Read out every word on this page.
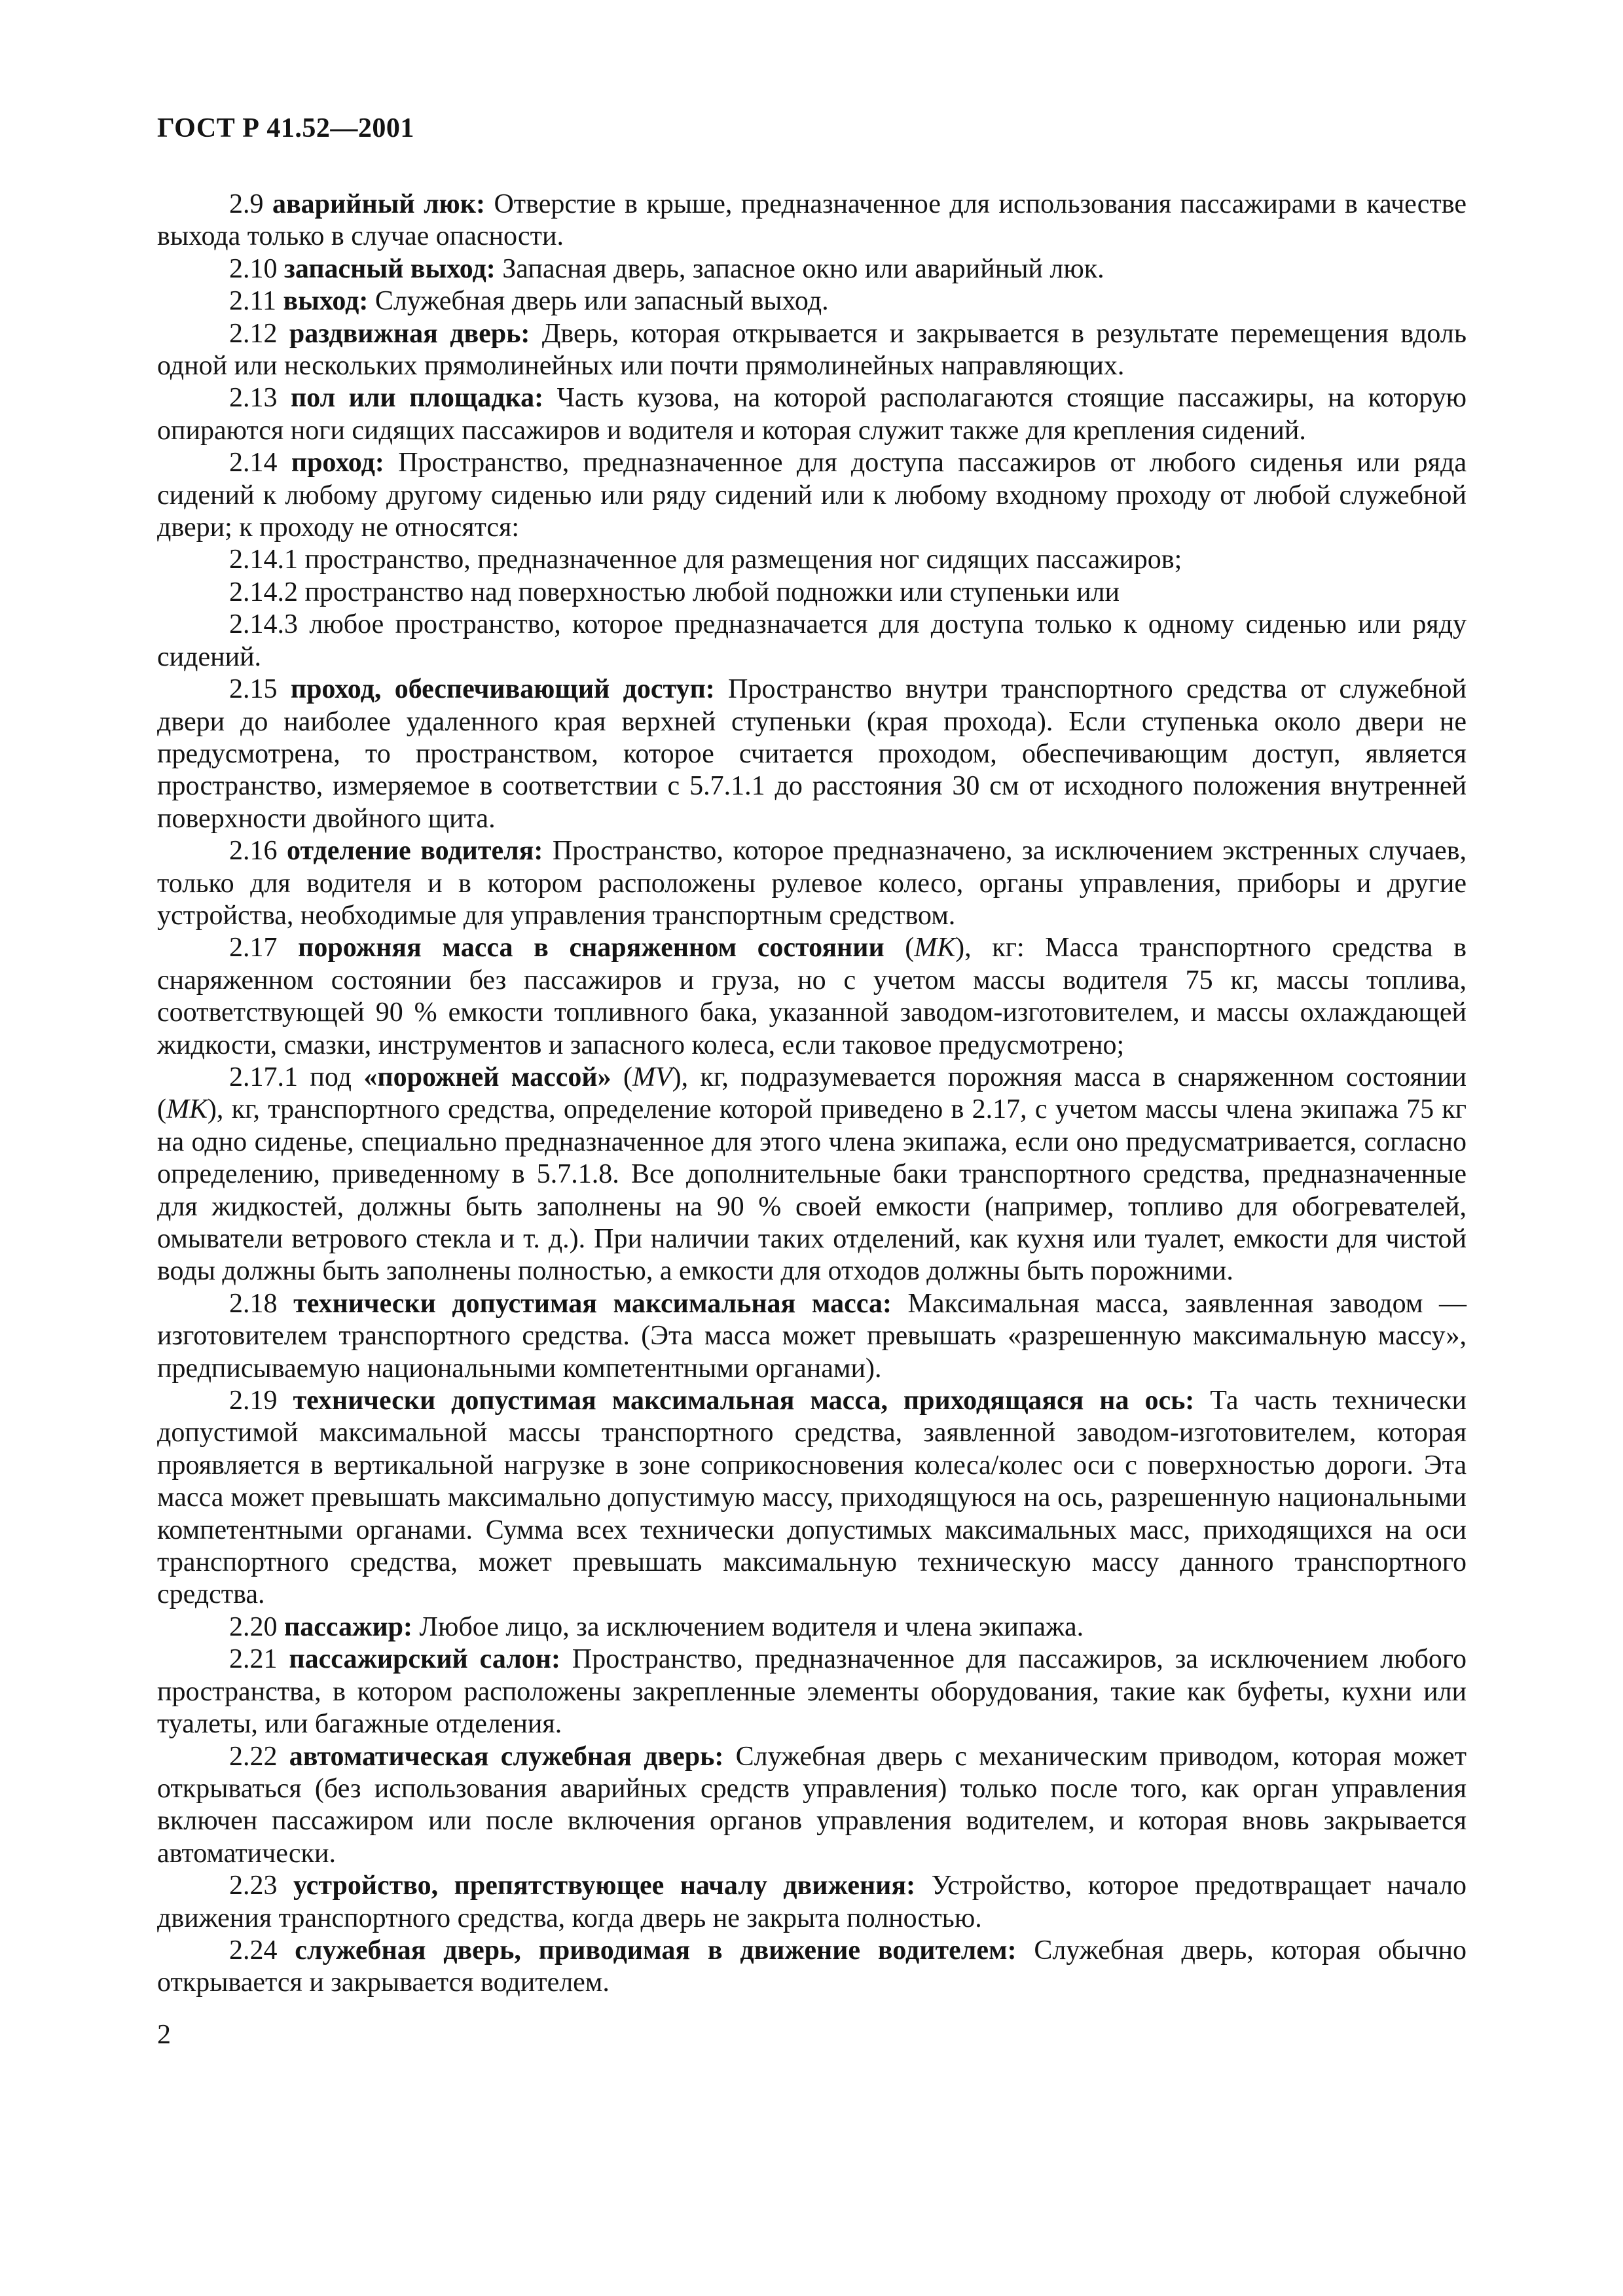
ГОСТ Р 41.52—2001

2.9 аварийный люк: Отверстие в крыше, предназначенное для использования пассажирами в качестве выхода только в случае опасности.

2.10 запасный выход: Запасная дверь, запасное окно или аварийный люк.

2.11 выход: Служебная дверь или запасный выход.

2.12 раздвижная дверь: Дверь, которая открывается и закрывается в результате перемещения вдоль одной или нескольких прямолинейных или почти прямолинейных направляющих.

2.13 пол или площадка: Часть кузова, на которой располагаются стоящие пассажиры, на которую опираются ноги сидящих пассажиров и водителя и которая служит также для крепления сидений.

2.14 проход: Пространство, предназначенное для доступа пассажиров от любого сиденья или ряда сидений к любому другому сиденью или ряду сидений или к любому входному проходу от любой служебной двери; к проходу не относятся:

2.14.1 пространство, предназначенное для размещения ног сидящих пассажиров;

2.14.2 пространство над поверхностью любой подножки или ступеньки или

2.14.3 любое пространство, которое предназначается для доступа только к одному сиденью или ряду сидений.

2.15 проход, обеспечивающий доступ: Пространство внутри транспортного средства от служебной двери до наиболее удаленного края верхней ступеньки (края прохода). Если ступенька около двери не предусмотрена, то пространством, которое считается проходом, обеспечивающим доступ, является пространство, измеряемое в соответствии с 5.7.1.1 до расстояния 30 см от исходного положения внутренней поверхности двойного щита.

2.16 отделение водителя: Пространство, которое предназначено, за исключением экстренных случаев, только для водителя и в котором расположены рулевое колесо, органы управления, приборы и другие устройства, необходимые для управления транспортным средством.

2.17 порожняя масса в снаряженном состоянии (МК), кг: Масса транспортного средства в снаряженном состоянии без пассажиров и груза, но с учетом массы водителя 75 кг, массы топлива, соответствующей 90 % емкости топливного бака, указанной заводом-изготовителем, и массы охлаждающей жидкости, смазки, инструментов и запасного колеса, если таковое предусмотрено;

2.17.1 под «порожней массой» (MV), кг, подразумевается порожняя масса в снаряженном состоянии (МК), кг, транспортного средства, определение которой приведено в 2.17, с учетом массы члена экипажа 75 кг на одно сиденье, специально предназначенное для этого члена экипажа, если оно предусматривается, согласно определению, приведенному в 5.7.1.8. Все дополнительные баки транспортного средства, предназначенные для жидкостей, должны быть заполнены на 90 % своей емкости (например, топливо для обогревателей, омыватели ветрового стекла и т. д.). При наличии таких отделений, как кухня или туалет, емкости для чистой воды должны быть заполнены полностью, а емкости для отходов должны быть порожними.

2.18 технически допустимая максимальная масса: Максимальная масса, заявленная заводом — изготовителем транспортного средства. (Эта масса может превышать «разрешенную максимальную массу», предписываемую национальными компетентными органами).

2.19 технически допустимая максимальная масса, приходящаяся на ось: Та часть технически допустимой максимальной массы транспортного средства, заявленной заводом-изготовителем, которая проявляется в вертикальной нагрузке в зоне соприкосновения колеса/колес оси с поверхностью дороги. Эта масса может превышать максимально допустимую массу, приходящуюся на ось, разрешенную национальными компетентными органами. Сумма всех технически допустимых максимальных масс, приходящихся на оси транспортного средства, может превышать максимальную техническую массу данного транспортного средства.

2.20 пассажир: Любое лицо, за исключением водителя и члена экипажа.

2.21 пассажирский салон: Пространство, предназначенное для пассажиров, за исключением любого пространства, в котором расположены закрепленные элементы оборудования, такие как буфеты, кухни или туалеты, или багажные отделения.

2.22 автоматическая служебная дверь: Служебная дверь с механическим приводом, которая может открываться (без использования аварийных средств управления) только после того, как орган управления включен пассажиром или после включения органов управления водителем, и которая вновь закрывается автоматически.

2.23 устройство, препятствующее началу движения: Устройство, которое предотвращает начало движения транспортного средства, когда дверь не закрыта полностью.

2.24 служебная дверь, приводимая в движение водителем: Служебная дверь, которая обычно открывается и закрывается водителем.

2
